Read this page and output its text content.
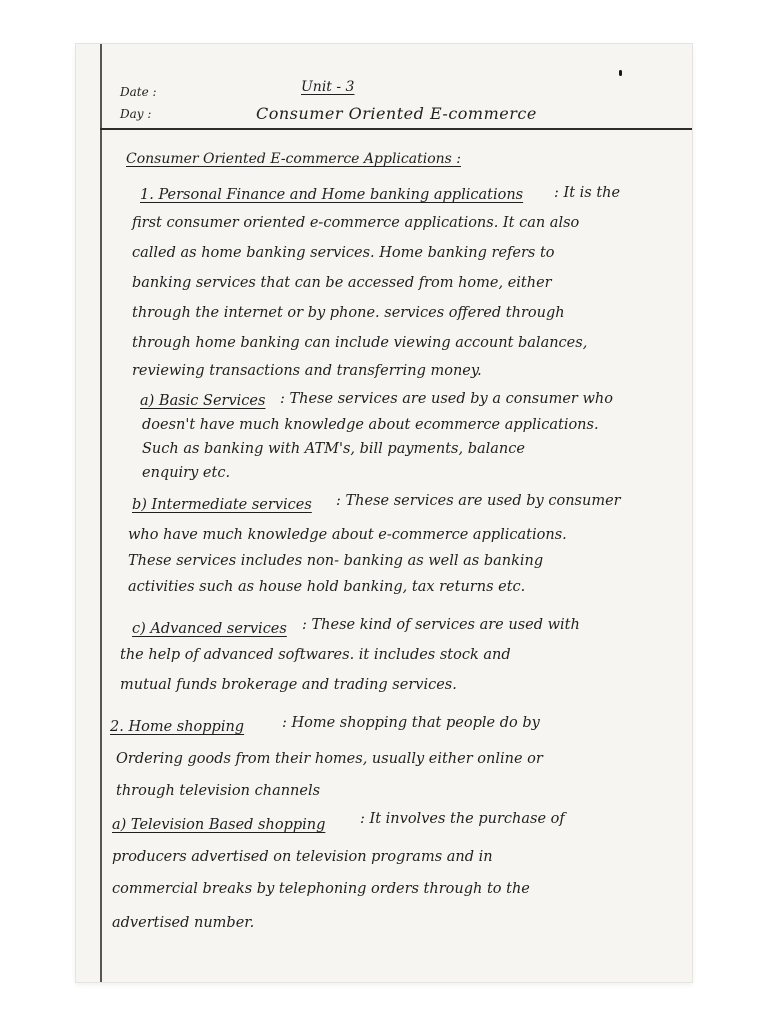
Date :
Day :
Unit - 3
Consumer Oriented E-commerce
Consumer Oriented E-commerce Applications :
1. Personal Finance and Home banking applications : It is the
first consumer oriented e-commerce applications. It can also
called as home banking services. Home banking refers to
banking services that can be accessed from home, either
through the internet or by phone. services offered through
through home banking can include viewing account balances,
reviewing transactions and transferring money.
a) Basic Services : These services are used by a consumer who
doesn't have much knowledge about ecommerce applications.
Such as banking with ATM's, bill payments, balance
enquiry etc.
b) Intermediate services : These services are used by consumer
who have much knowledge about e-commerce applications.
These services includes non- banking as well as banking
activities such as house hold banking, tax returns etc.
c) Advanced services : These kind of services are used with
the help of advanced softwares. it includes stock and
mutual funds brokerage and trading services.
2. Home shopping	: Home shopping that people do by
Ordering goods from their homes, usually either online or
through television channels
a) Television Based shopping : It involves the purchase of
producers advertised on television programs and in
commercial breaks by telephoning orders through to the
advertised number.
